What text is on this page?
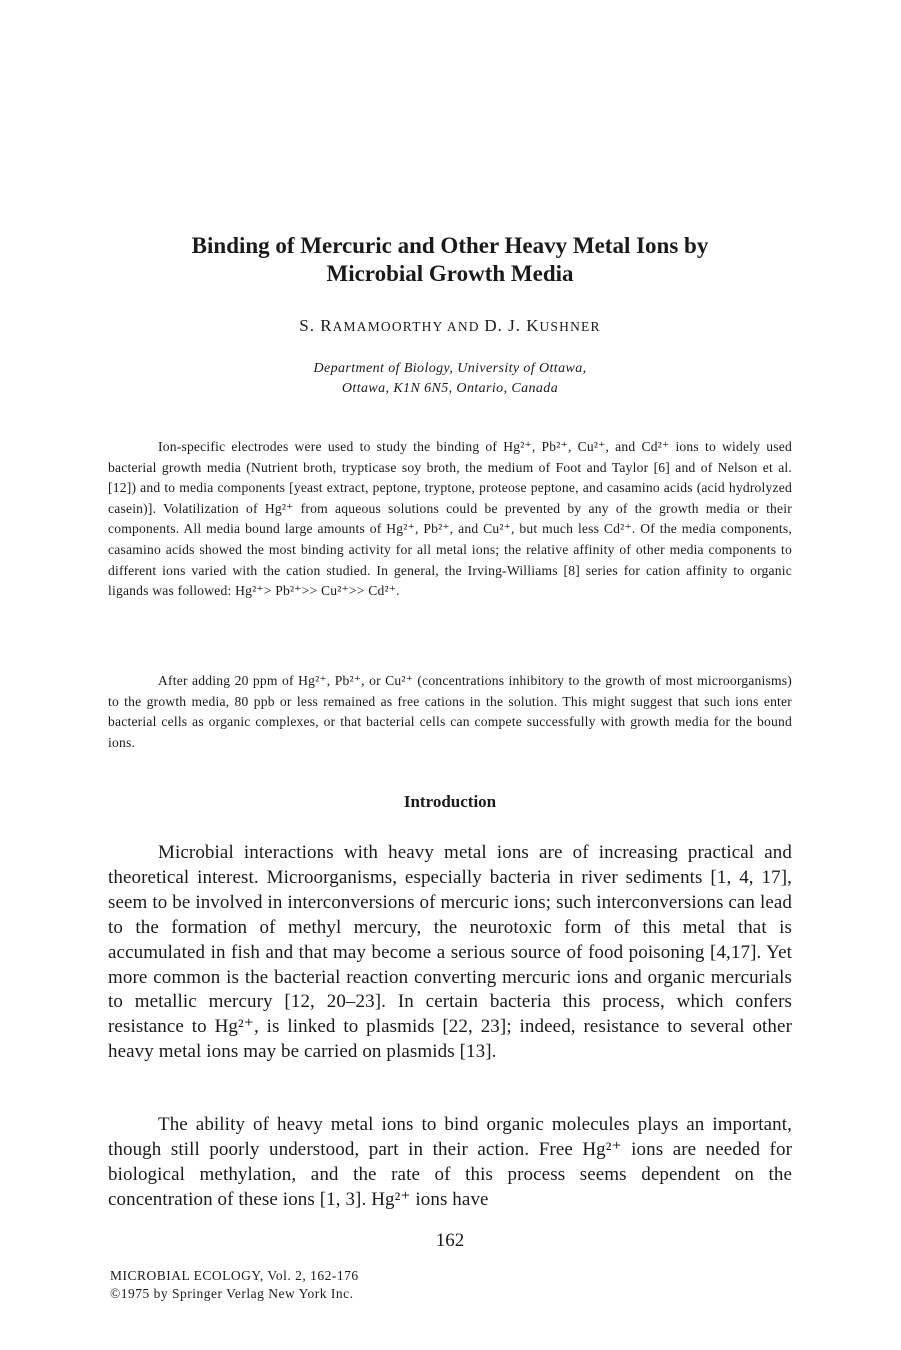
Binding of Mercuric and Other Heavy Metal Ions by
Microbial Growth Media

S. RAMAMOORTHY AND D. J. KUSHNER

Department of Biology, University of Ottawa,
Ottawa, K1N 6N5, Ontario, Canada

Ion-specific electrodes were used to study the binding of Hg²⁺, Pb²⁺, Cu²⁺, and Cd²⁺ ions to widely used bacterial growth media (Nutrient broth, trypticase soy broth, the medium of Foot and Taylor [6] and of Nelson et al. [12]) and to media components [yeast extract, peptone, tryptone, proteose peptone, and casamino acids (acid hydrolyzed casein)]. Volatilization of Hg²⁺ from aqueous solutions could be prevented by any of the growth media or their components. All media bound large amounts of Hg²⁺, Pb²⁺, and Cu²⁺, but much less Cd²⁺. Of the media components, casamino acids showed the most binding activity for all metal ions; the relative affinity of other media components to different ions varied with the cation studied. In general, the Irving-Williams [8] series for cation affinity to organic ligands was followed: Hg²⁺> Pb²⁺>> Cu²⁺>> Cd²⁺.

After adding 20 ppm of Hg²⁺, Pb²⁺, or Cu²⁺ (concentrations inhibitory to the growth of most microorganisms) to the growth media, 80 ppb or less remained as free cations in the solution. This might suggest that such ions enter bacterial cells as organic complexes, or that bacterial cells can compete successfully with growth media for the bound ions.

Introduction

Microbial interactions with heavy metal ions are of increasing practical and theoretical interest. Microorganisms, especially bacteria in river sediments [1, 4, 17], seem to be involved in interconversions of mercuric ions; such interconversions can lead to the formation of methyl mercury, the neurotoxic form of this metal that is accumulated in fish and that may become a serious source of food poisoning [4,17]. Yet more common is the bacterial reaction converting mercuric ions and organic mercurials to metallic mercury [12, 20–23]. In certain bacteria this process, which confers resistance to Hg²⁺, is linked to plasmids [22, 23]; indeed, resistance to several other heavy metal ions may be carried on plasmids [13].

The ability of heavy metal ions to bind organic molecules plays an important, though still poorly understood, part in their action. Free Hg²⁺ ions are needed for biological methylation, and the rate of this process seems dependent on the concentration of these ions [1, 3]. Hg²⁺ ions have

162

MICROBIAL ECOLOGY, Vol. 2, 162-176
©1975 by Springer Verlag New York Inc.
